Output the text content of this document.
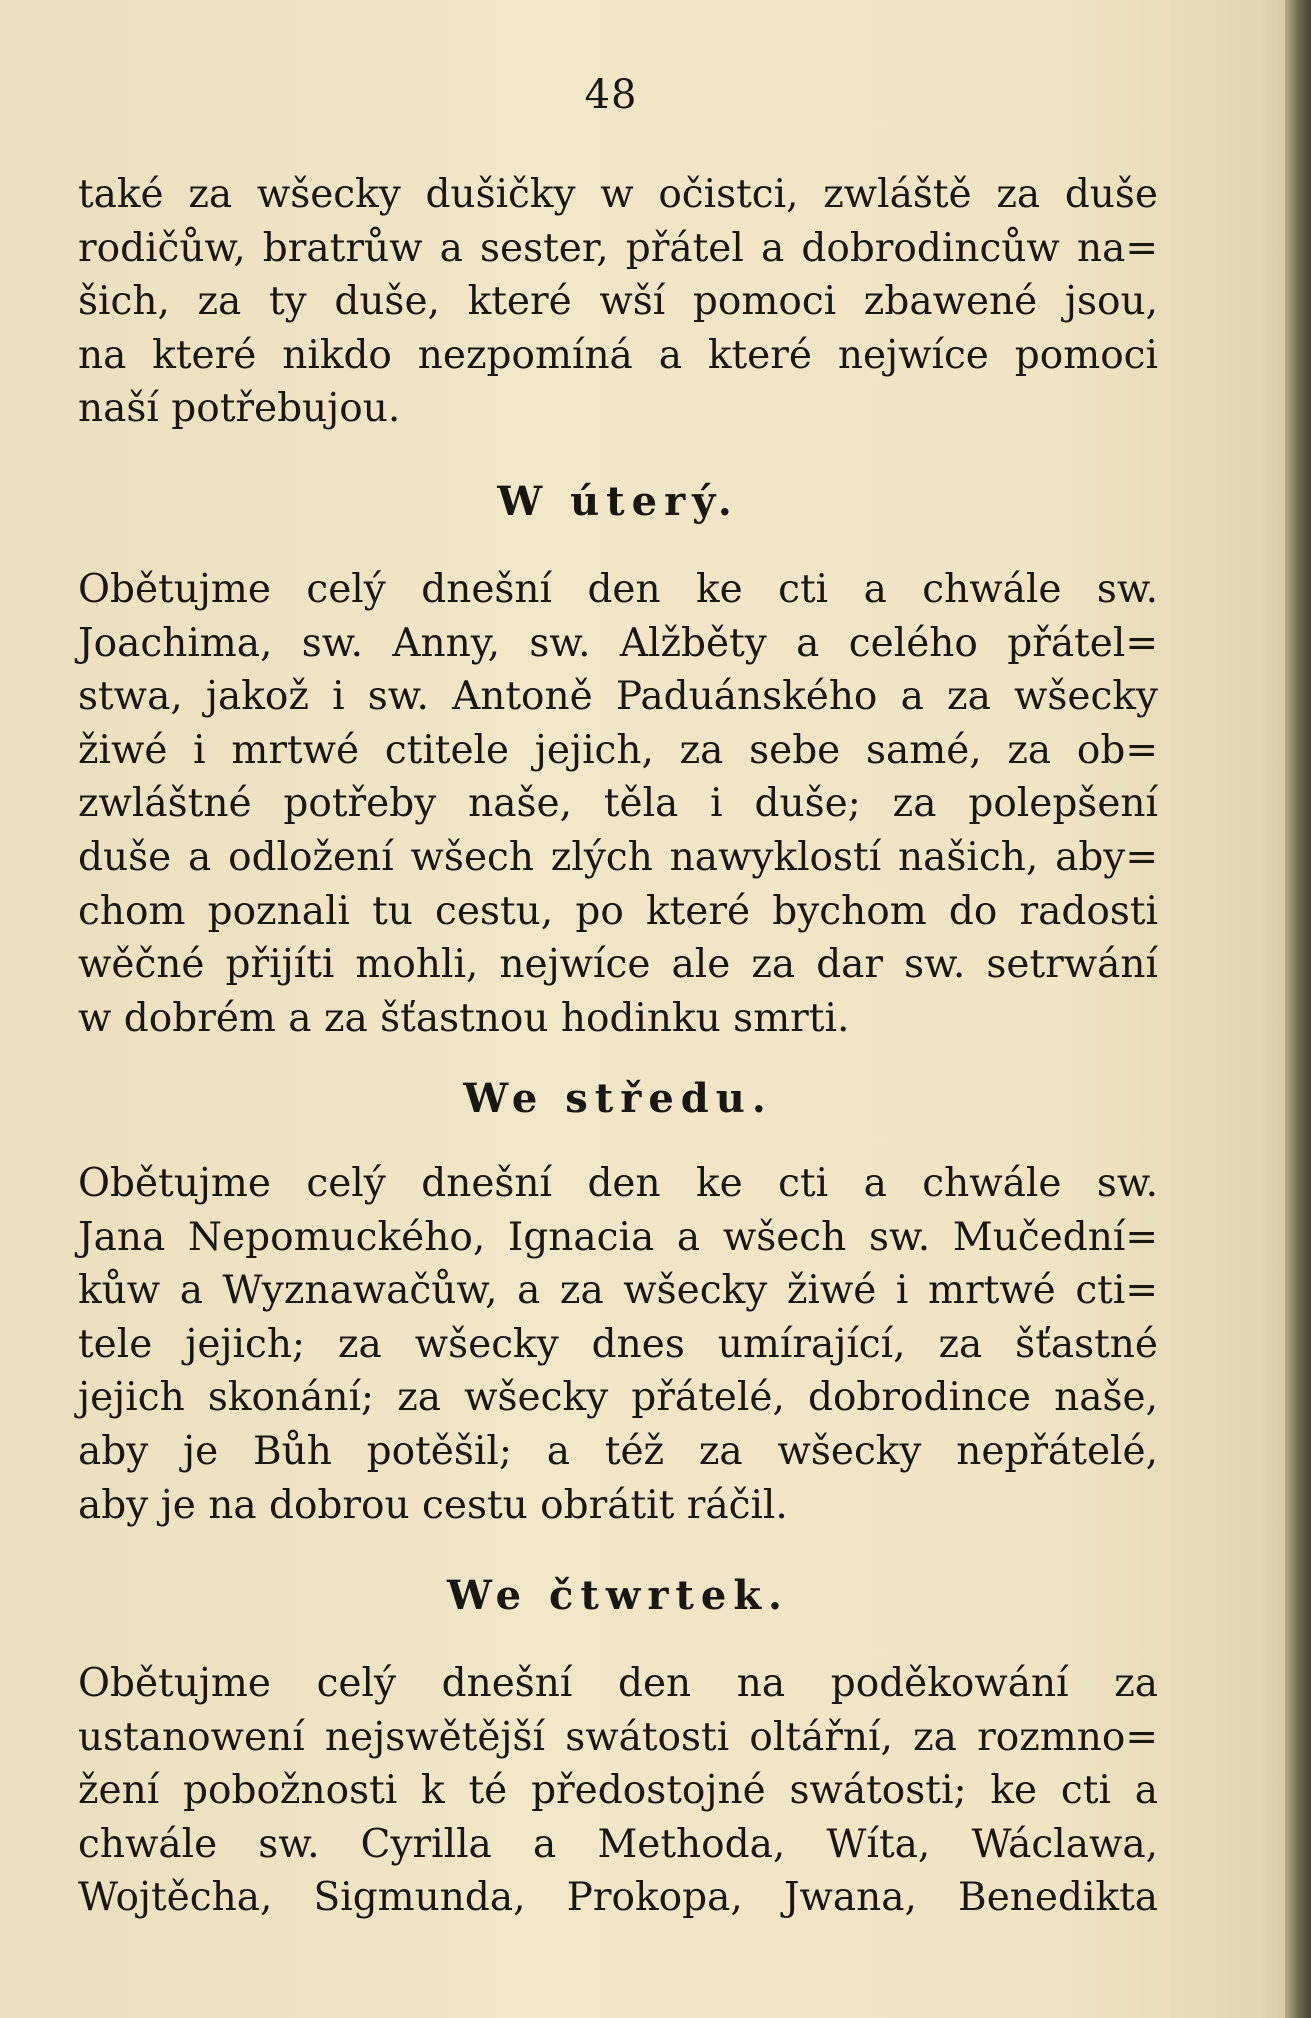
48

také za wšecky dušičky w očistci, zwláště za duše

rodičůw, bratrůw a sester, přátel a dobrodincůw na=

šich, za ty duše, které wší pomoci zbawené jsou,

na které nikdo nezpomíná a které nejwíce pomoci

naší potřebujou.

W úterý.

Obětujme celý dnešní den ke cti a chwále sw.

Joachima, sw. Anny, sw. Alžběty a celého přátel=

stwa, jakož i sw. Antoně Paduánského a za wšecky

žiwé i mrtwé ctitele jejich, za sebe samé, za ob=

zwláštné potřeby naše, těla i duše; za polepšení

duše a odložení wšech zlých nawyklostí našich, aby=

chom poznali tu cestu, po které bychom do radosti

wěčné přijíti mohli, nejwíce ale za dar sw. setrwání

w dobrém a za šťastnou hodinku smrti.

We středu.

Obětujme celý dnešní den ke cti a chwále sw.

Jana Nepomuckého, Ignacia a wšech sw. Mučední=

kůw a Wyznawačůw, a za wšecky žiwé i mrtwé cti=

tele jejich; za wšecky dnes umírající, za šťastné

jejich skonání; za wšecky přátelé, dobrodince naše,

aby je Bůh potěšil; a též za wšecky nepřátelé,

aby je na dobrou cestu obrátit ráčil.

We čtwrtek.

Obětujme celý dnešní den na poděkowání za

ustanowení nejswětější swátosti oltářní, za rozmno=

žení pobožnosti k té předostojné swátosti; ke cti a

chwále sw. Cyrilla a Methoda, Wíta, Wáclawa,

Wojtěcha, Sigmunda, Prokopa, Jwana, Benedikta
